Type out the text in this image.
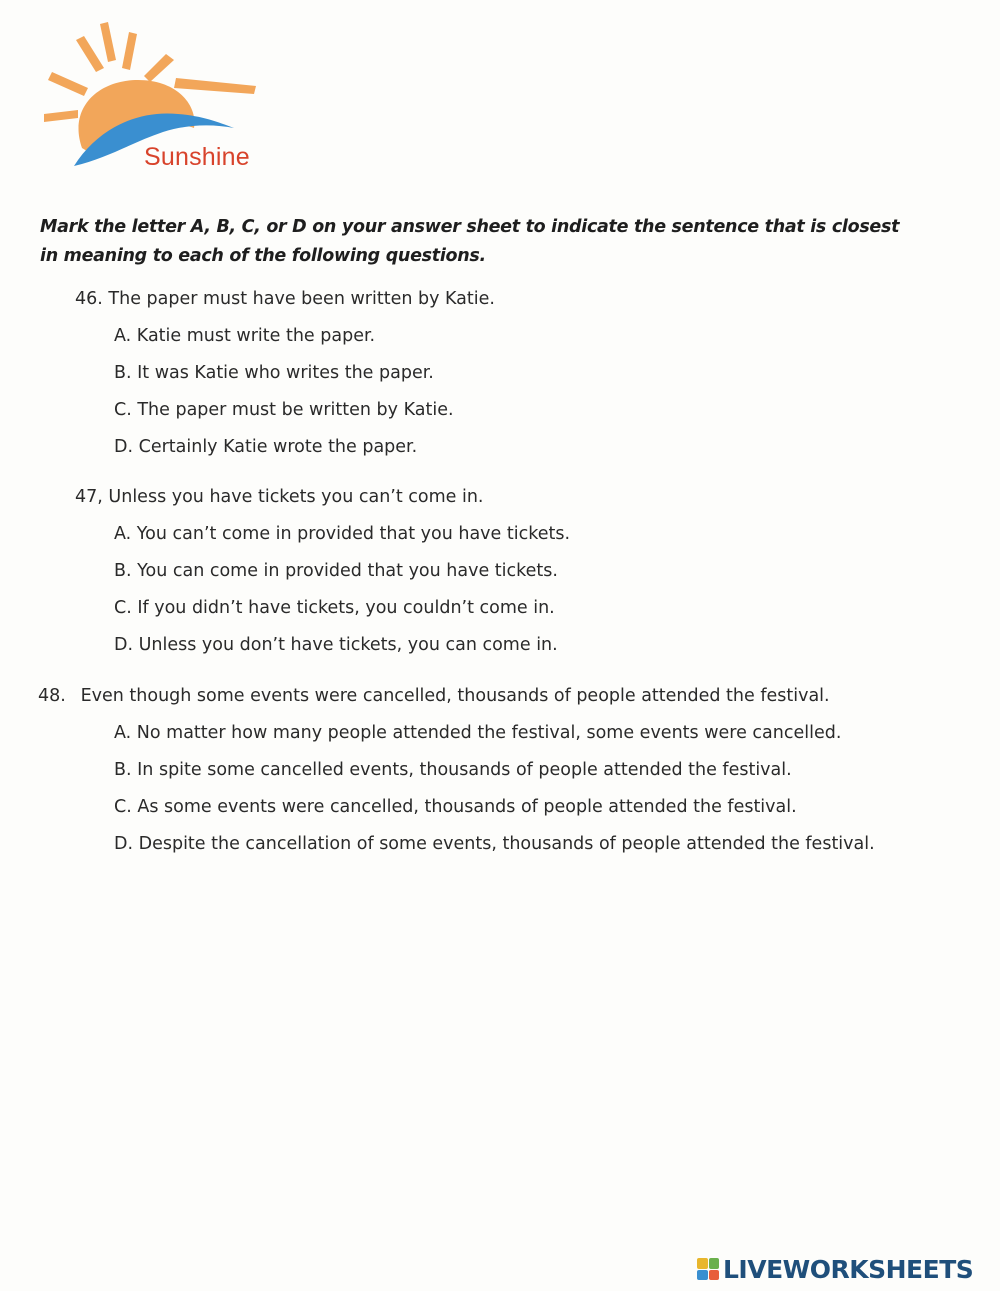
Sunshine
Mark the letter A, B, C, or D on your answer sheet to indicate the sentence that is closest in meaning to each of the following questions.
46. The paper must have been written by Katie.
A. Katie must write the paper.
B. It was Katie who writes the paper.
C. The paper must be written by Katie.
D. Certainly Katie wrote the paper.
47, Unless you have tickets you can’t come in.
A. You can’t come in provided that you have tickets.
B. You can come in provided that you have tickets.
C. If you didn’t have tickets, you couldn’t come in.
D. Unless you don’t have tickets, you can come in.
48. Even though some events were cancelled, thousands of people attended the festival.
A. No matter how many people attended the festival, some events were cancelled.
B. In spite some cancelled events, thousands of people attended the festival.
C. As some events were cancelled, thousands of people attended the festival.
D. Despite the cancellation of some events, thousands of people attended the festival.
LIVEWORKSHEETS
